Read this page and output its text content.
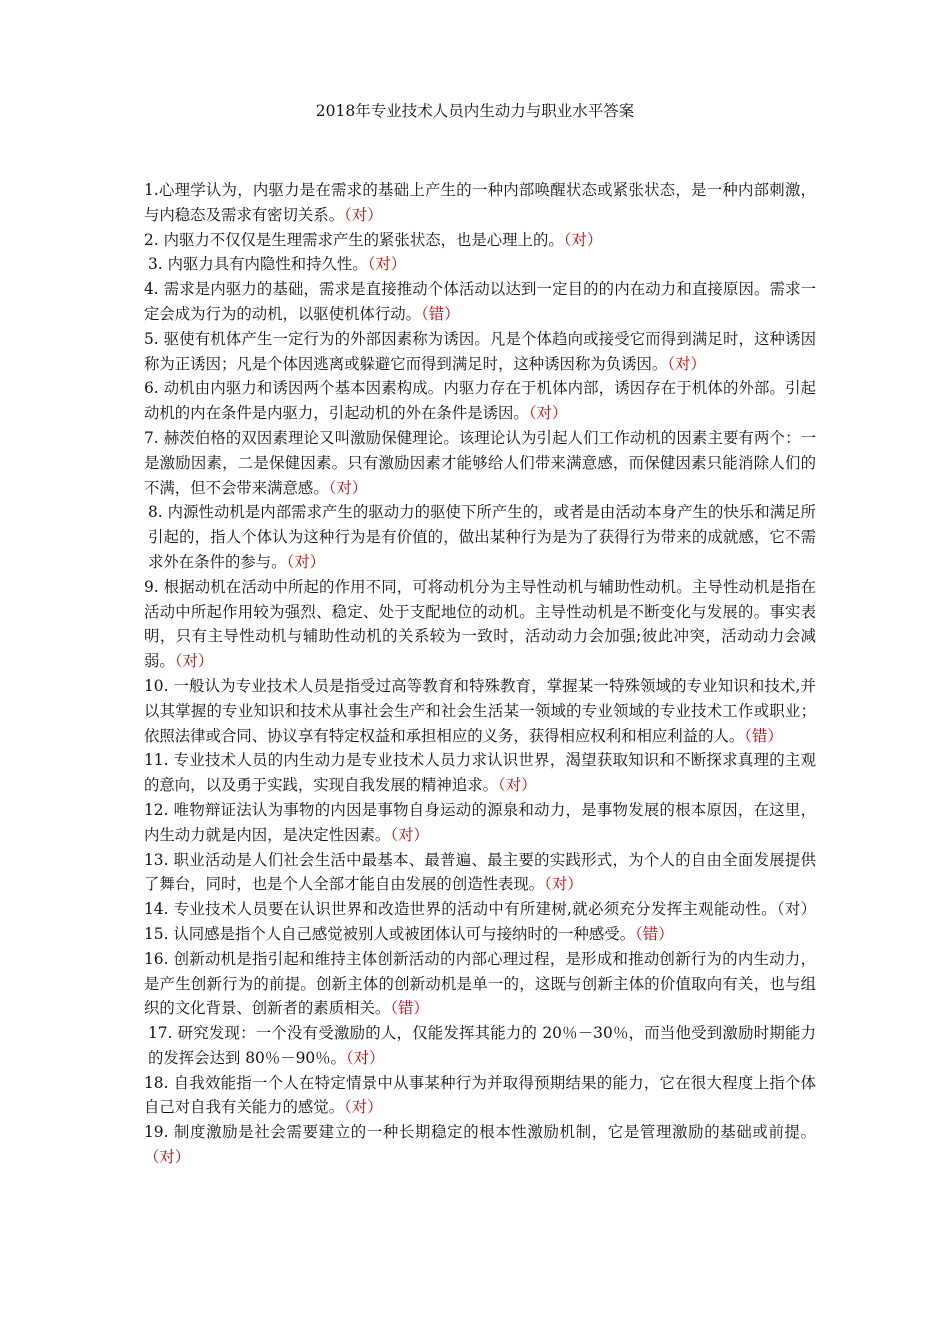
2018年专业技术人员内生动力与职业水平答案

1.心理学认为，内驱力是在需求的基础上产生的一种内部唤醒状态或紧张状态，是一种内部刺激，与内稳态及需求有密切关系。（对）

2. 内驱力不仅仅是生理需求产生的紧张状态，也是心理上的。（对）

3. 内驱力具有内隐性和持久性。（对）

4. 需求是内驱力的基础，需求是直接推动个体活动以达到一定目的的内在动力和直接原因。需求一定会成为行为的动机，以驱使机体行动。（错）

5. 驱使有机体产生一定行为的外部因素称为诱因。凡是个体趋向或接受它而得到满足时，这种诱因称为正诱因；凡是个体因逃离或躲避它而得到满足时，这种诱因称为负诱因。（对）

6. 动机由内驱力和诱因两个基本因素构成。内驱力存在于机体内部，诱因存在于机体的外部。引起动机的内在条件是内驱力，引起动机的外在条件是诱因。（对）

7. 赫茨伯格的双因素理论又叫激励保健理论。该理论认为引起人们工作动机的因素主要有两个：一是激励因素，二是保健因素。只有激励因素才能够给人们带来满意感，而保健因素只能消除人们的不满，但不会带来满意感。（对）

8. 内源性动机是内部需求产生的驱动力的驱使下所产生的，或者是由活动本身产生的快乐和满足所引起的，指人个体认为这种行为是有价值的，做出某种行为是为了获得行为带来的成就感，它不需求外在条件的参与。（对）

9. 根据动机在活动中所起的作用不同，可将动机分为主导性动机与辅助性动机。主导性动机是指在活动中所起作用较为强烈、稳定、处于支配地位的动机。主导性动机是不断变化与发展的。事实表明，只有主导性动机与辅助性动机的关系较为一致时，活动动力会加强;彼此冲突，活动动力会减弱。（对）

10. 一般认为专业技术人员是指受过高等教育和特殊教育，掌握某一特殊领域的专业知识和技术,并以其掌握的专业知识和技术从事社会生产和社会生活某一领域的专业领域的专业技术工作或职业；依照法律或合同、协议享有特定权益和承担相应的义务，获得相应权利和相应利益的人。（错）

11. 专业技术人员的内生动力是专业技术人员力求认识世界，渴望获取知识和不断探求真理的主观的意向，以及勇于实践，实现自我发展的精神追求。（对）

12. 唯物辩证法认为事物的内因是事物自身运动的源泉和动力，是事物发展的根本原因，在这里，内生动力就是内因，是决定性因素。（对）

13. 职业活动是人们社会生活中最基本、最普遍、最主要的实践形式，为个人的自由全面发展提供了舞台，同时，也是个人全部才能自由发展的创造性表现。（对）

14. 专业技术人员要在认识世界和改造世界的活动中有所建树,就必须充分发挥主观能动性。（对） 15. 认同感是指个人自己感觉被别人或被团体认可与接纳时的一种感受。（错）

16. 创新动机是指引起和维持主体创新活动的内部心理过程，是形成和推动创新行为的内生动力，是产生创新行为的前提。创新主体的创新动机是单一的，这既与创新主体的价值取向有关，也与组织的文化背景、创新者的素质相关。（错）

17. 研究发现：一个没有受激励的人，仅能发挥其能力的 20％－30％，而当他受到激励时期能力的发挥会达到 80％－90％。（对）

18. 自我效能指一个人在特定情景中从事某种行为并取得预期结果的能力，它在很大程度上指个体自己对自我有关能力的感觉。（对）

19. 制度激励是社会需要建立的一种长期稳定的根本性激励机制，它是管理激励的基础或前提。（对）
